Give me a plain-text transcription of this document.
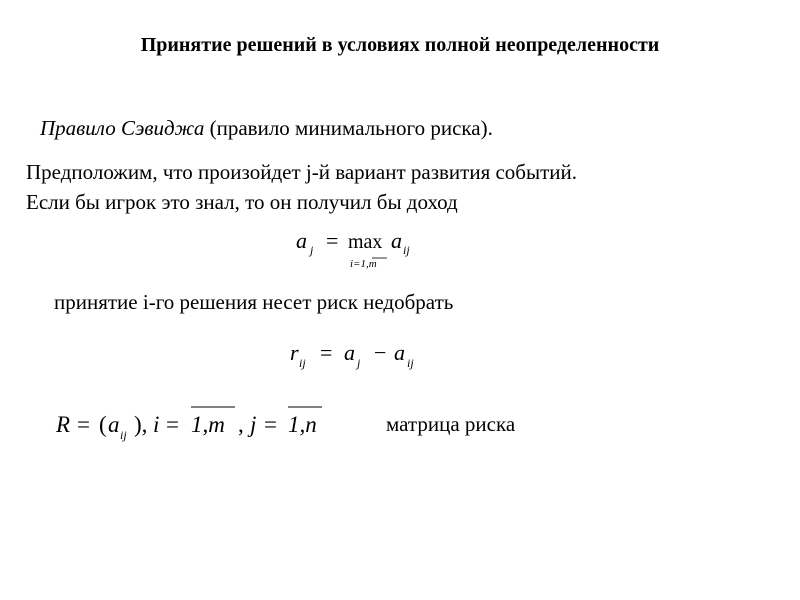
Принятие решений в условиях полной неопределенности
Правило Сэвиджа (правило минимального риска).
Предположим, что произойдет j-й вариант развития событий.
Если бы игрок это знал, то он получил бы доход
a j = max
i=1,m
a ij
принятие i-го решения несет риск недобрать
r ij = a j − a ij
R = ( a ij ), i = 1,m , j = 1,n	матрица риска
